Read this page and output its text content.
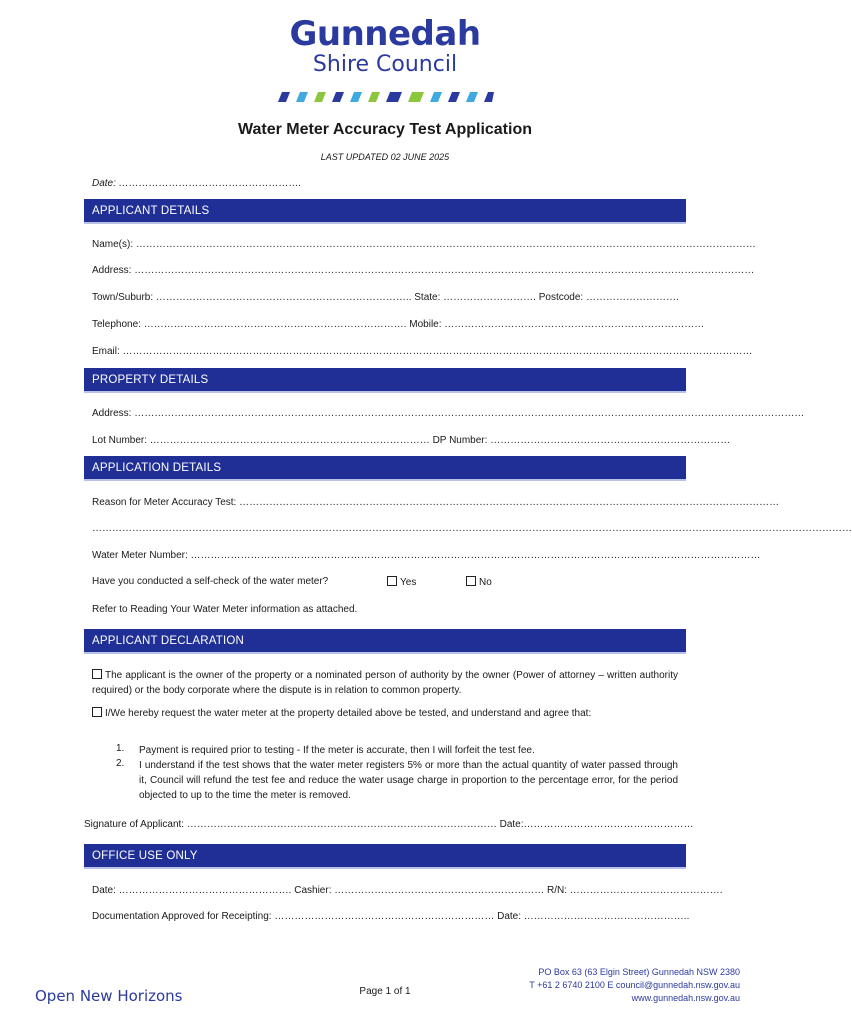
Gunnedah
Shire Council
Water Meter Accuracy Test Application
LAST UPDATED 02 JUNE 2025
Date: ……………………………………………….
APPLICANT DETAILS
Name(s): ……………………………………………………………………………………………………………………………………………………………………
Address: ……………………………………………………………………………………………………………………………………………………………………
Town/Suburb: ………………………………………………………………….. State: ………………………. Postcode: ……………………….
Telephone: ……………………………………………………………………. Mobile: ……………………………………………………………………
Email: ………………………………………………………………………………………………………………………………………………………………………
PROPERTY DETAILS
Address: …………………………………………………………………………………………………………………………………………………………………………………
Lot Number: ………………………………………………………………………… DP Number: ………………………………………………………………
APPLICATION DETAILS
Reason for Meter Accuracy Test: ………………………………………………………………………………………………………………………………………………
…………………………………………………………………………………………………………………………………………………………………………………………………………
Water Meter Number: ………………………………………………………………………………………………………………………………………………………
Have you conducted a self-check of the water meter?	Yes	No
Refer to Reading Your Water Meter information as attached.
APPLICANT DECLARATION
The applicant is the owner of the property or a nominated person of authority by the owner (Power of attorney – written authority required) or the body corporate where the dispute is in relation to common property.
I/We hereby request the water meter at the property detailed above be tested, and understand and agree that:
1. Payment is required prior to testing - If the meter is accurate, then I will forfeit the test fee.
2. I understand if the test shows that the water meter registers 5% or more than the actual quantity of water passed through it, Council will refund the test fee and reduce the water usage charge in proportion to the percentage error, for the period objected to up to the time the meter is removed.
Signature of Applicant: ………………………………………………………………………………… Date:……………………………………………
OFFICE USE ONLY
Date: ……………………………………………. Cashier: ……………………………………………………… R/N: ……………………………………….
Documentation Approved for Receipting: ………………………………………………………… Date: …………………………………………..
Open New Horizons	Page 1 of 1
PO Box 63 (63 Elgin Street) Gunnedah NSW 2380
T +61 2 6740 2100 E council@gunnedah.nsw.gov.au
www.gunnedah.nsw.gov.au
